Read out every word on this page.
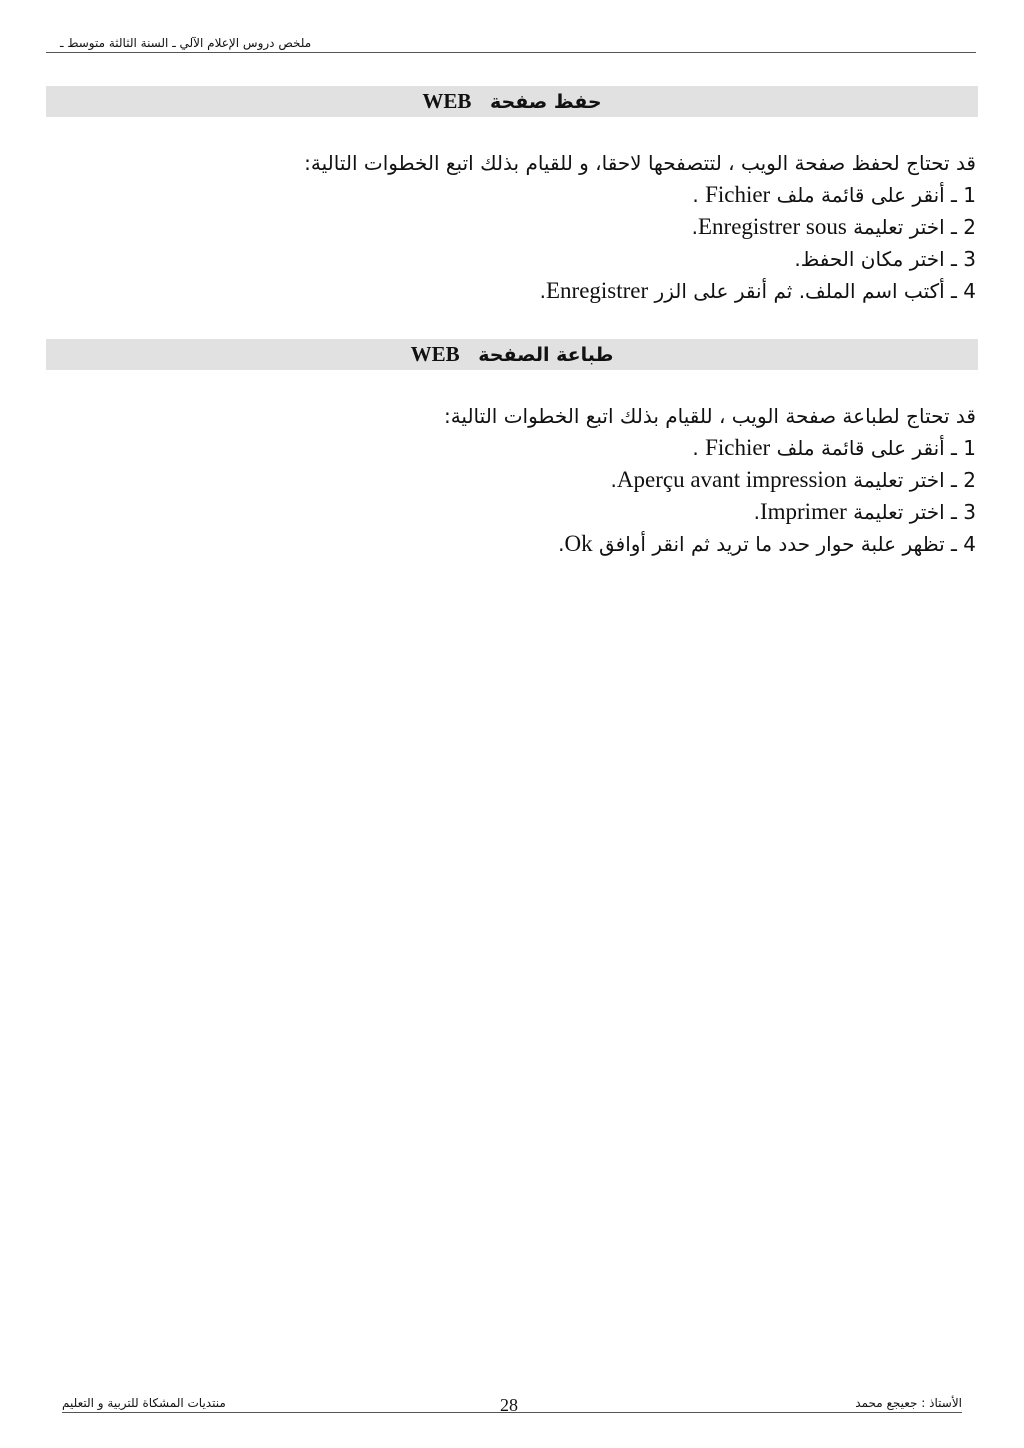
ملخص دروس الإعلام الآلي ـ السنة الثالثة متوسط ـ
WEB حفظ صفحة
قد تحتاج لحفظ صفحة الويب ، لتتصفحها لاحقا، و للقيام بذلك اتبع الخطوات التالية:
1 ـ أنقر على قائمة ملف Fichier .
2 ـ اختر تعليمة Enregistrer sous.
3 ـ اختر مكان الحفظ.
4 ـ أكتب اسم الملف. ثم أنقر على الزر Enregistrer.
WEB طباعة الصفحة
قد تحتاج لطباعة صفحة الويب ، للقيام بذلك اتبع الخطوات التالية:
1 ـ أنقر على قائمة ملف Fichier .
2 ـ اختر تعليمة Aperçu avant impression.
3 ـ اختر تعليمة Imprimer.
4 ـ تظهر علبة حوار حدد ما تريد ثم انقر أوافق Ok.
منتديات المشكاة للتربية و التعليم	28	الأستاذ : جعيجع محمد
